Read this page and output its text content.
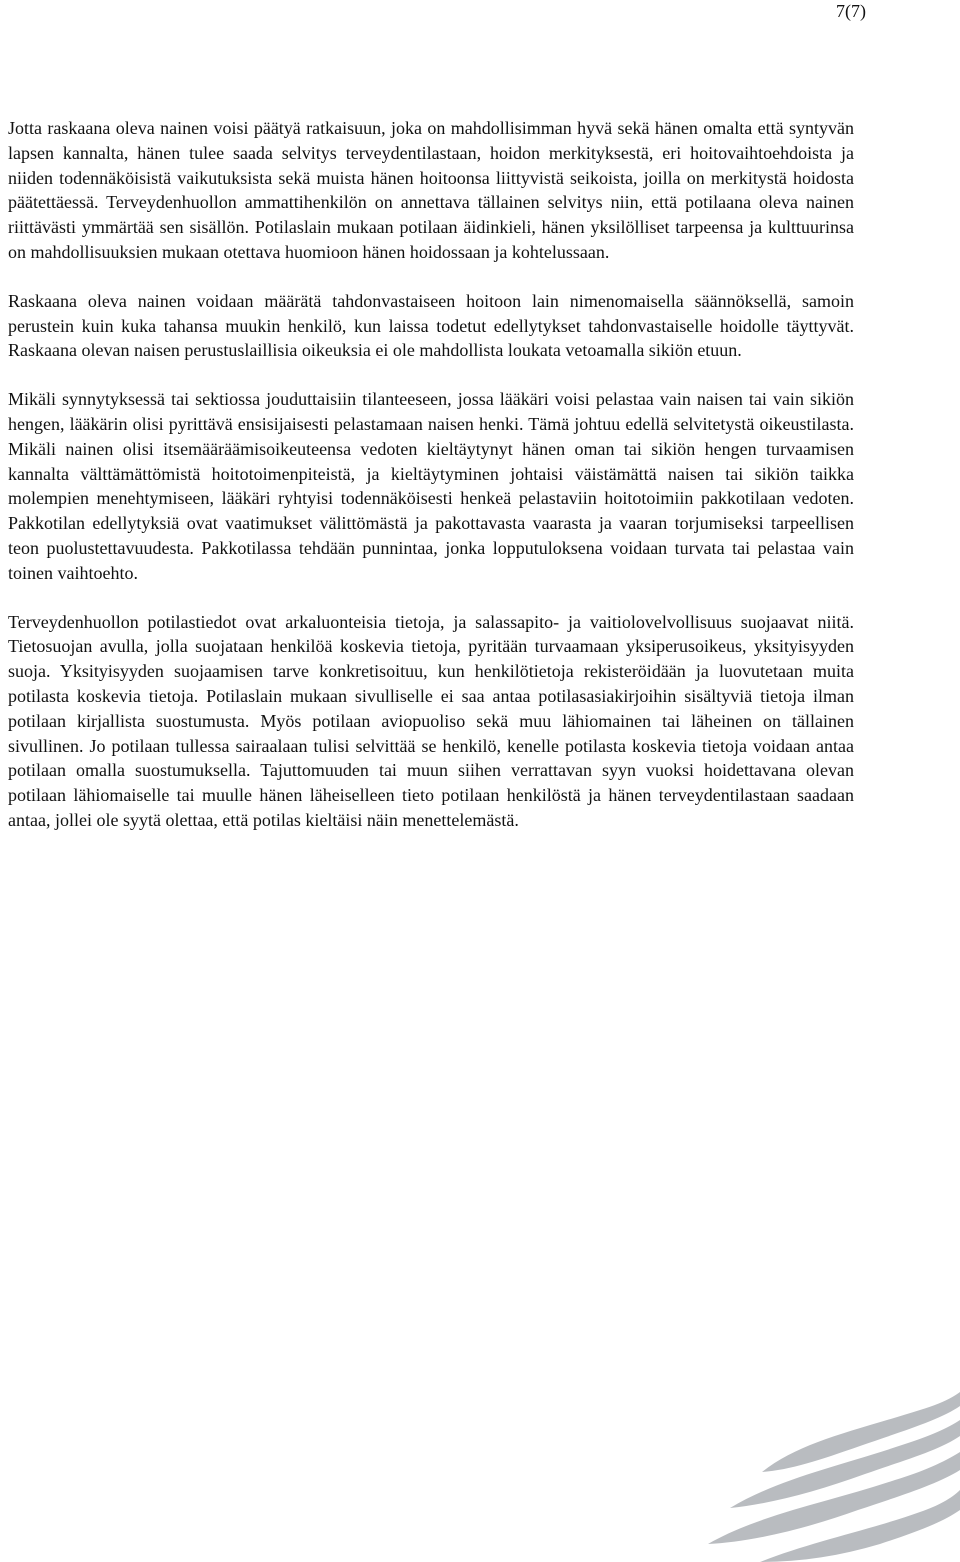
7(7)

Jotta raskaana oleva nainen voisi päätyä ratkaisuun, joka on mahdollisimman hyvä sekä hänen omalta että syntyvän lapsen kannalta, hänen tulee saada selvitys terveydentilastaan, hoidon merkityksestä, eri hoitovaihtoehdoista ja niiden todennäköisistä vaikutuksista sekä muista hänen hoitoonsa liittyvistä seikoista, joilla on merkitystä hoidosta päätettäessä. Terveydenhuollon ammattihenkilön on annettava tällainen selvitys niin, että potilaana oleva nainen riittävästi ymmärtää sen sisällön. Potilaslain mukaan potilaan äidinkieli, hänen yksilölliset tarpeensa ja kulttuurinsa on mahdollisuuksien mukaan otettava huomioon hänen hoidossaan ja kohtelussaan.

Raskaana oleva nainen voidaan määrätä tahdonvastaiseen hoitoon lain nimenomaisella säännöksellä, samoin perustein kuin kuka tahansa muukin henkilö, kun laissa todetut edellytykset tahdonvastaiselle hoidolle täyttyvät. Raskaana olevan naisen perustuslaillisia oikeuksia ei ole mahdollista loukata vetoamalla sikiön etuun.

Mikäli synnytyksessä tai sektiossa jouduttaisiin tilanteeseen, jossa lääkäri voisi pelastaa vain naisen tai vain sikiön hengen, lääkärin olisi pyrittävä ensisijaisesti pelastamaan naisen henki. Tämä johtuu edellä selvitetystä oikeustilasta. Mikäli nainen olisi itsemääräämisoikeuteensa vedoten kieltäytynyt hänen oman tai sikiön hengen turvaamisen kannalta välttämättömistä hoitotoimenpiteistä, ja kieltäytyminen johtaisi väistämättä naisen tai sikiön taikka molempien menehtymiseen, lääkäri ryhtyisi todennäköisesti henkeä pelastaviin hoitotoimiin pakkotilaan vedoten. Pakkotilan edellytyksiä ovat vaatimukset välittömästä ja pakottavasta vaarasta ja vaaran torjumiseksi tarpeellisen teon puolustettavuudesta. Pakkotilassa tehdään punnintaa, jonka lopputuloksena voidaan turvata tai pelastaa vain toinen vaihtoehto.

Terveydenhuollon potilastiedot ovat arkaluonteisia tietoja, ja salassapito- ja vaitiolovelvollisuus suojaavat niitä. Tietosuojan avulla, jolla suojataan henkilöä koskevia tietoja, pyritään turvaamaan yksiperusoikeus, yksityisyyden suoja. Yksityisyyden suojaamisen tarve konkretisoituu, kun henkilötietoja rekisteröidään ja luovutetaan muita potilasta koskevia tietoja. Potilaslain mukaan sivulliselle ei saa antaa potilasasiakirjoihin sisältyviä tietoja ilman potilaan kirjallista suostumusta. Myös potilaan aviopuoliso sekä muu lähiomainen tai läheinen on tällainen sivullinen. Jo potilaan tullessa sairaalaan tulisi selvittää se henkilö, kenelle potilasta koskevia tietoja voidaan antaa potilaan omalla suostumuksella. Tajuttomuuden tai muun siihen verrattavan syyn vuoksi hoidettavana olevan potilaan lähiomaiselle tai muulle hänen läheiselleen tieto potilaan henkilöstä ja hänen terveydentilastaan saadaan antaa, jollei ole syytä olettaa, että potilas kieltäisi näin menettelemästä.
